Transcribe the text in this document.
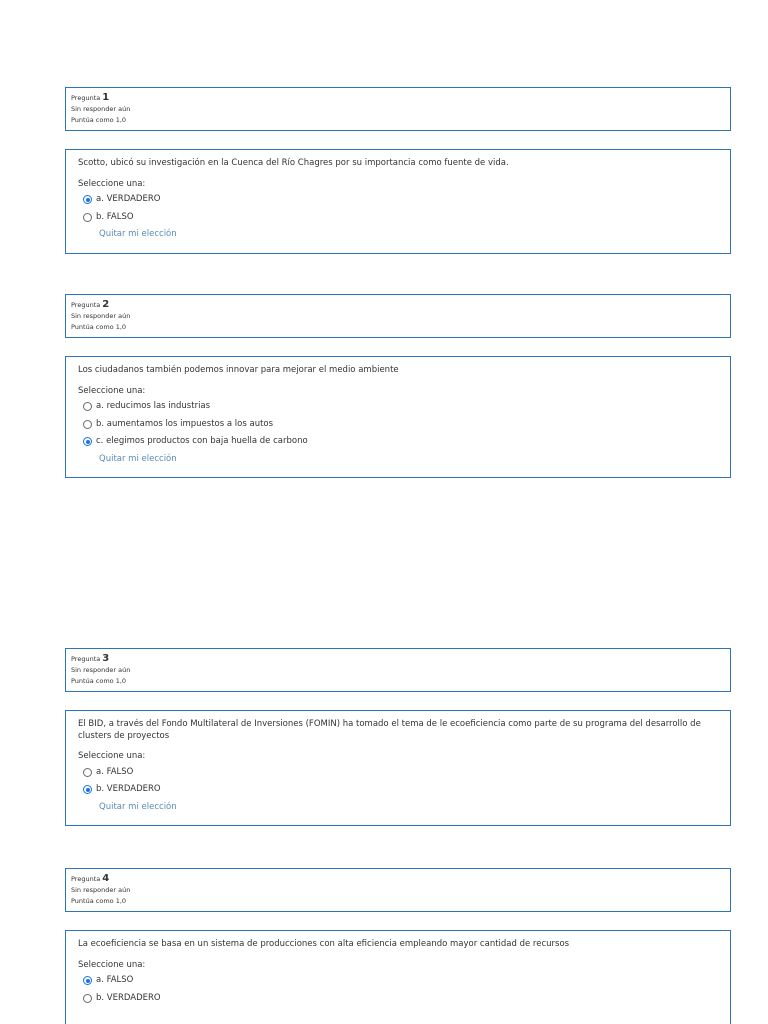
Pregunta 1
Sin responder aún
Puntúa como 1,0
Scotto, ubicó su investigación en la Cuenca del Río Chagres por su importancia como fuente de vida.
Seleccione una:
a. VERDADERO
b. FALSO
Quitar mi elección
Pregunta 2
Sin responder aún
Puntúa como 1,0
Los ciudadanos también podemos innovar para mejorar el medio ambiente
Seleccione una:
a. reducimos las industrias
b. aumentamos los impuestos a los autos
c. elegimos productos con baja huella de carbono
Quitar mi elección
Pregunta 3
Sin responder aún
Puntúa como 1,0
El BID, a través del Fondo Multilateral de Inversiones (FOMIN) ha tomado el tema de le ecoeficiencia como parte de su programa del desarrollo de clusters de proyectos
Seleccione una:
a. FALSO
b. VERDADERO
Quitar mi elección
Pregunta 4
Sin responder aún
Puntúa como 1,0
La ecoeficiencia se basa en un sistema de producciones con alta eficiencia empleando mayor cantidad de recursos
Seleccione una:
a. FALSO
b. VERDADERO
